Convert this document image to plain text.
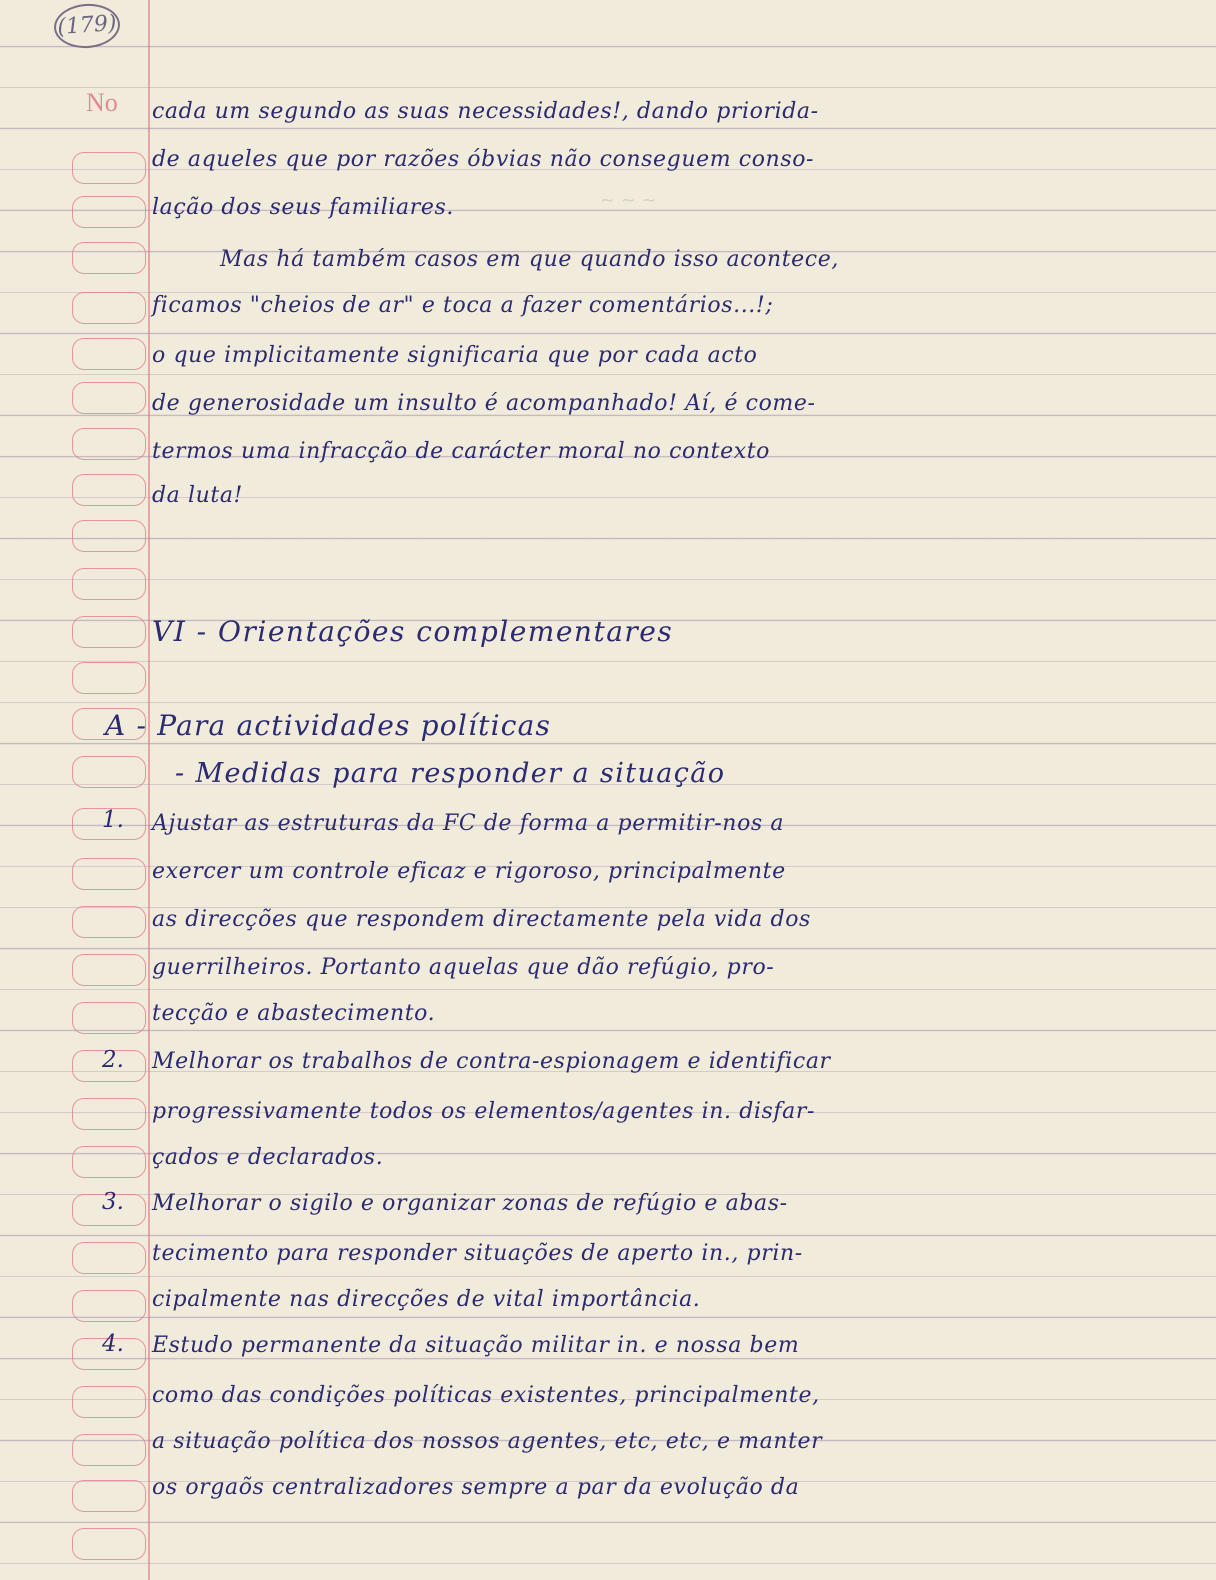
(179)
No
~ ~ ~
cada um segundo as suas necessidades!, dando priorida-
de aqueles que por razões óbvias não conseguem conso-
lação dos seus familiares.
Mas há também casos em que quando isso acontece,
ficamos "cheios de ar" e toca a fazer comentários...!;
o que implicitamente significaria que por cada acto
de generosidade um insulto é acompanhado! Aí, é come-
termos uma infracção de carácter moral no contexto
da luta!
VI - Orientações complementares
A - Para actividades políticas
- Medidas para responder a situação
1. Ajustar as estruturas da FC de forma a permitir-nos a
exercer um controle eficaz e rigoroso, principalmente
as direcções que respondem directamente pela vida dos
guerrilheiros. Portanto aquelas que dão refúgio, pro-
tecção e abastecimento.
2. Melhorar os trabalhos de contra-espionagem e identificar
progressivamente todos os elementos/agentes in. disfar-
çados e declarados.
3. Melhorar o sigilo e organizar zonas de refúgio e abas-
tecimento para responder situações de aperto in., prin-
cipalmente nas direcções de vital importância.
4. Estudo permanente da situação militar in. e nossa bem
como das condições políticas existentes, principalmente,
a situação política dos nossos agentes, etc, etc, e manter
os orgaõs centralizadores sempre a par da evolução da
